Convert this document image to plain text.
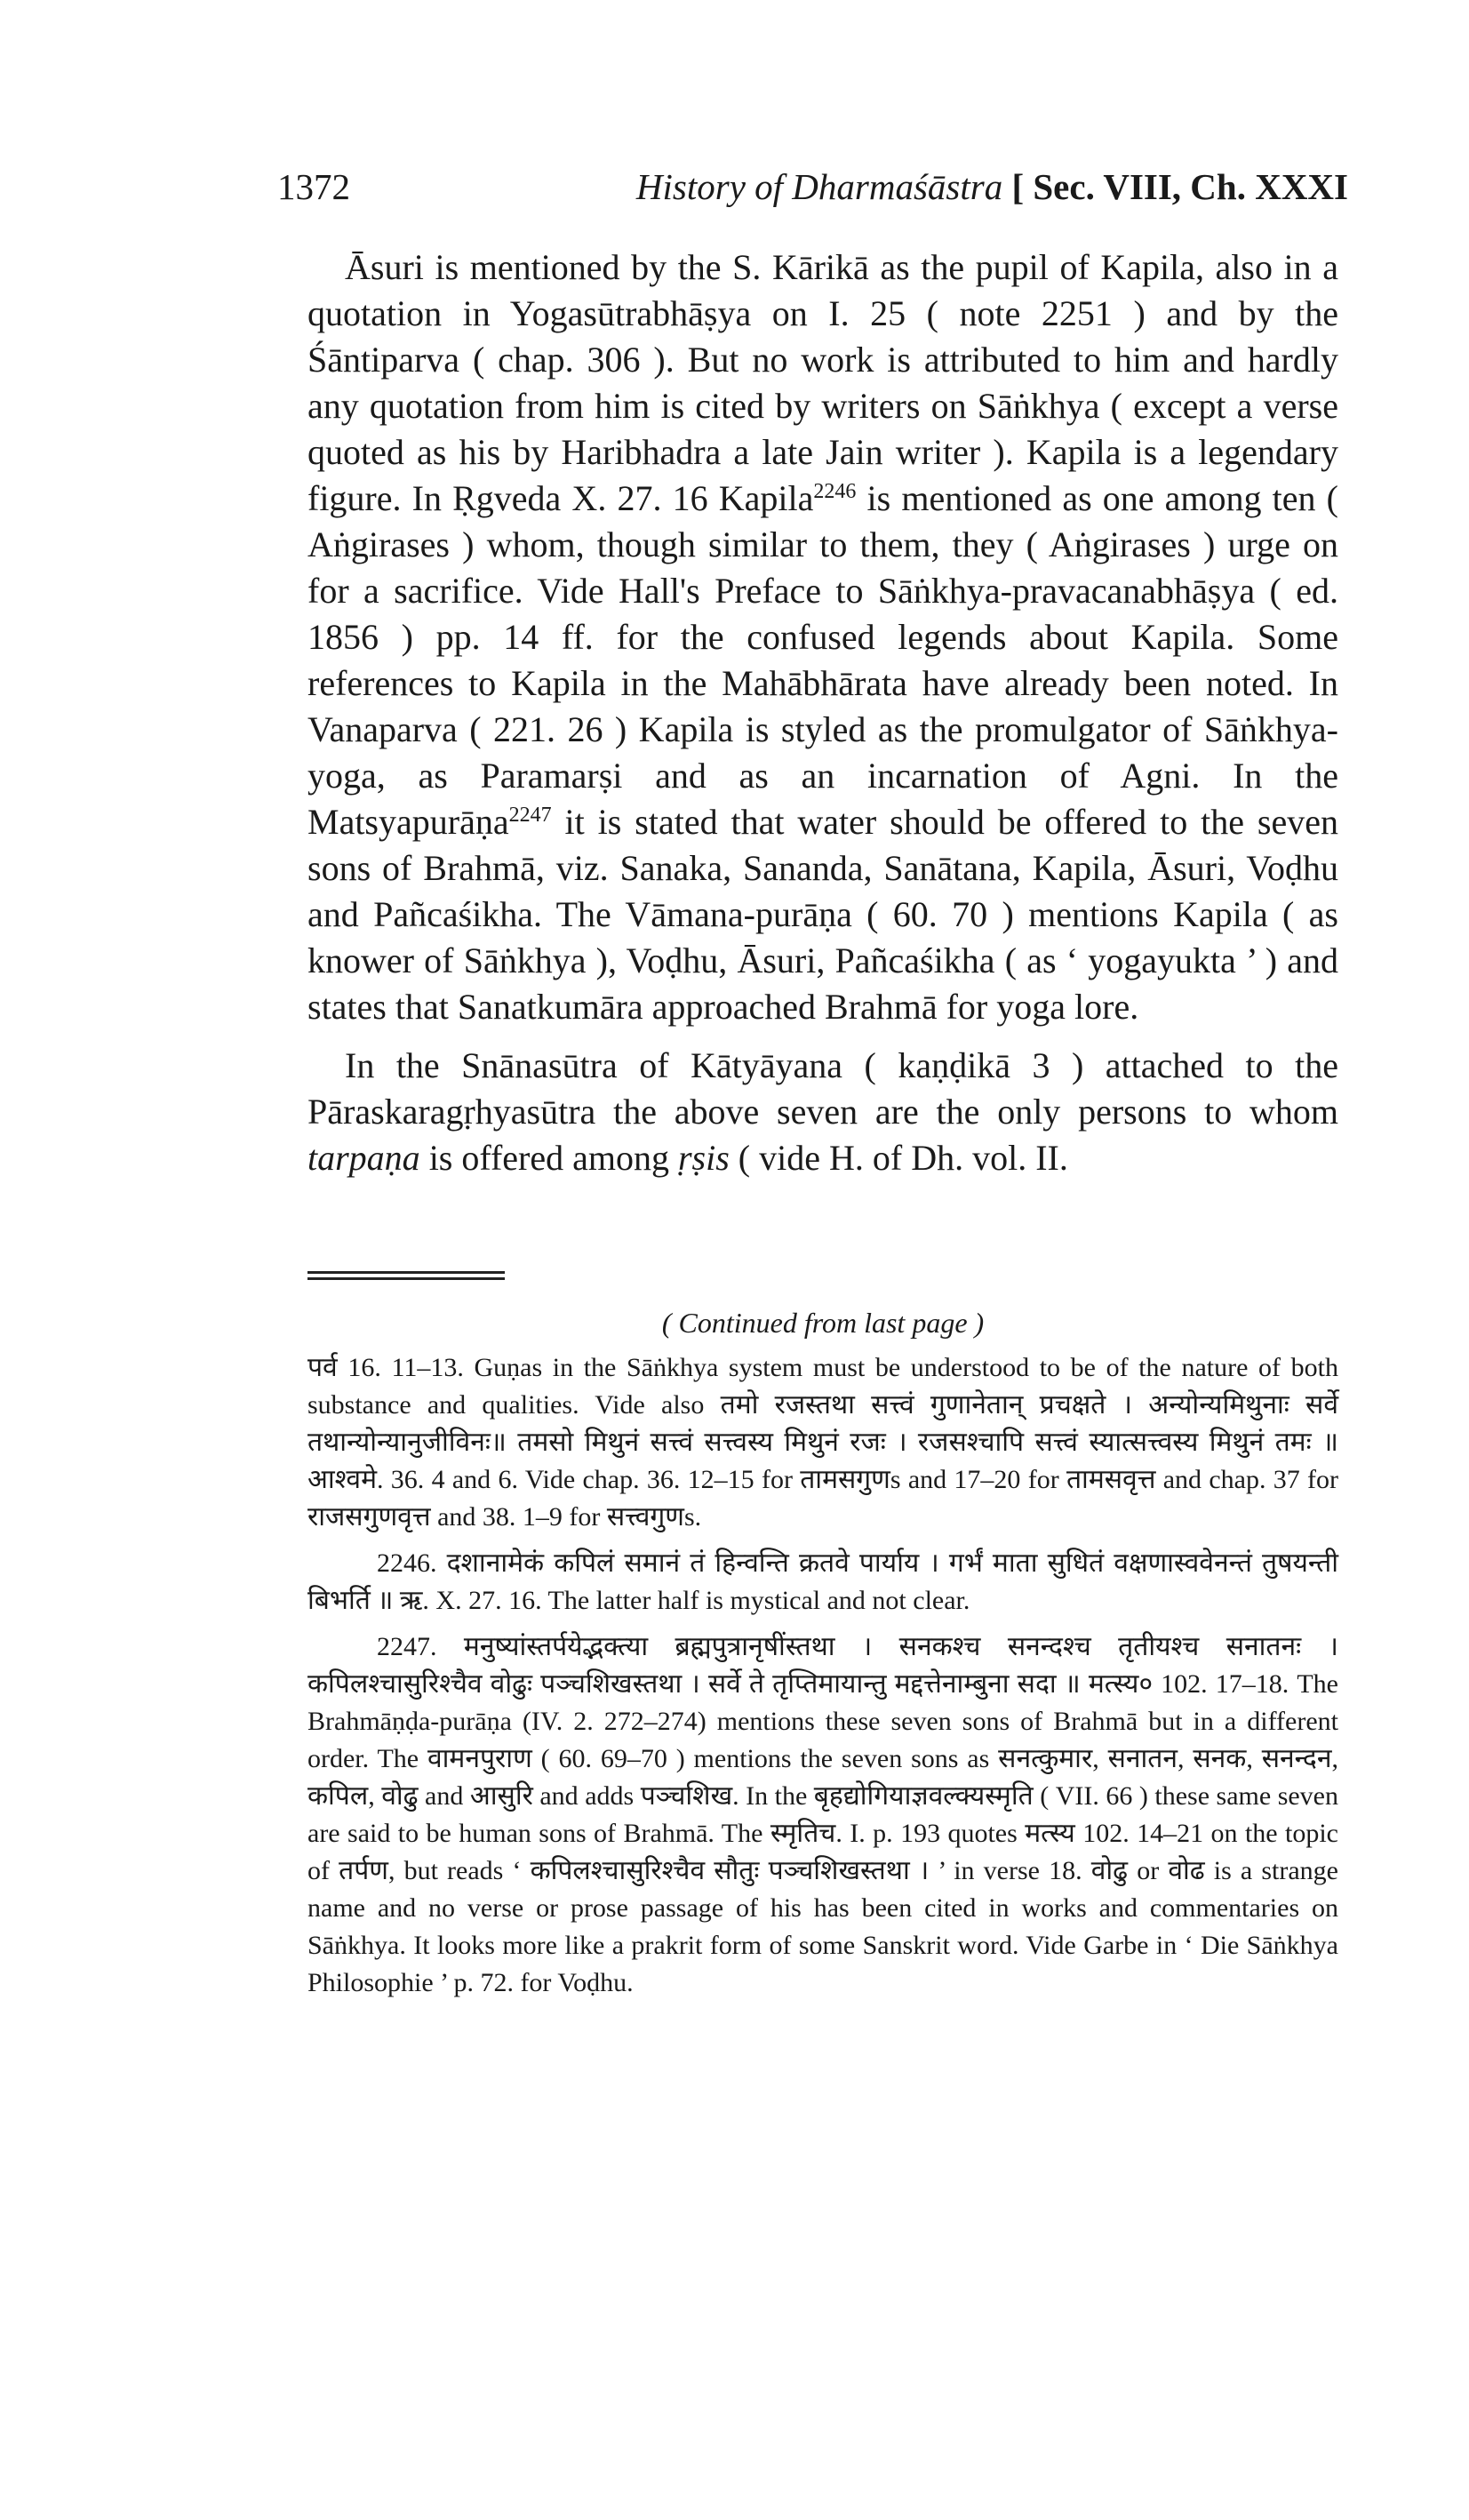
1372	History of Dharmaśāstra [ Sec. VIII, Ch. XXXI

Āsuri is mentioned by the S. Kārikā as the pupil of Kapila, also in a quotation in Yogasūtrabhāṣya on I. 25 ( note 2251 ) and by the Śāntiparva ( chap. 306 ). But no work is attributed to him and hardly any quotation from him is cited by writers on Sāṅkhya ( except a verse quoted as his by Haribhadra a late Jain writer ). Kapila is a legendary figure. In Ṛgveda X. 27. 16 Kapila$^{2246}$ is mentioned as one among ten ( Aṅgirases ) whom, though similar to them, they ( Aṅgirases ) urge on for a sacrifice. Vide Hall's Preface to Sāṅkhya-pravacanabhāṣya ( ed. 1856 ) pp. 14 ff. for the confused legends about Kapila. Some references to Kapila in the Mahābhārata have already been noted. In Vanaparva ( 221. 26 ) Kapila is styled as the promulgator of Sāṅkhya-yoga, as Paramarṣi and as an incarnation of Agni. In the Matsyapurāṇa$^{2247}$ it is stated that water should be offered to the seven sons of Brahmā, viz. Sanaka, Sananda, Sanātana, Kapila, Āsuri, Voḍhu and Pañcaśikha. The Vāmana-purāṇa ( 60. 70 ) mentions Kapila ( as knower of Sāṅkhya ), Voḍhu, Āsuri, Pañcaśikha ( as ‘ yogayukta ’ ) and states that Sanatkumāra approached Brahmā for yoga lore.

In the Snānasūtra of Kātyāyana ( kaṇḍikā 3 ) attached to the Pāraskaragṛhyasūtra the above seven are the only persons to whom tarpaṇa is offered among ṛṣis ( vide H. of Dh. vol. II.

( Continued from last page )

पर्व 16. 11–13. Guṇas in the Sāṅkhya system must be understood to be of the nature of both substance and qualities. Vide also तमो रजस्तथा सत्त्वं गुणानेतान् प्रचक्षते । अन्योन्यमिथुनाः सर्वे तथान्योन्यानुजीविनः॥ तमसो मिथुनं सत्त्वं सत्त्वस्य मिथुनं रजः । रजसश्चापि सत्त्वं स्यात्सत्त्वस्य मिथुनं तमः ॥ आश्वमे. 36. 4 and 6. Vide chap. 36. 12–15 for तामसगुणs and 17–20 for तामसवृत्त and chap. 37 for राजसगुणवृत्त and 38. 1–9 for सत्त्वगुणs.

2246. दशानामेकं कपिलं समानं तं हिन्वन्ति क्रतवे पार्याय । गर्भं माता सुधितं वक्षणास्ववेनन्तं तुषयन्ती बिभर्ति ॥ ऋ. X. 27. 16. The latter half is mystical and not clear.

2247. मनुष्यांस्तर्पयेद्भक्त्या ब्रह्मपुत्रानृषींस्तथा । सनकश्च सनन्दश्च तृतीयश्च सनातनः । कपिलश्चासुरिश्चैव वोढुः पञ्चशिखस्तथा । सर्वे ते तृप्तिमायान्तु मद्दत्तेनाम्बुना सदा ॥ मत्स्य० 102. 17–18. The Brahmāṇḍa-purāṇa (IV. 2. 272–274) mentions these seven sons of Brahmā but in a different order. The वामनपुराण ( 60. 69–70 ) mentions the seven sons as सनत्कुमार, सनातन, सनक, सनन्दन, कपिल, वोढु and आसुरि and adds पञ्चशिख. In the बृहद्योगियाज्ञवल्क्यस्मृति ( VII. 66 ) these same seven are said to be human sons of Brahmā. The स्मृतिच. I. p. 193 quotes मत्स्य 102. 14–21 on the topic of तर्पण, but reads ‘ कपिलश्चासुरिश्चैव सौतुः पञ्चशिखस्तथा । ’ in verse 18. वोढु or वोढ is a strange name and no verse or prose passage of his has been cited in works and commentaries on Sāṅkhya. It looks more like a prakrit form of some Sanskrit word. Vide Garbe in ‘ Die Sāṅkhya Philosophie ’ p. 72. for Voḍhu.
